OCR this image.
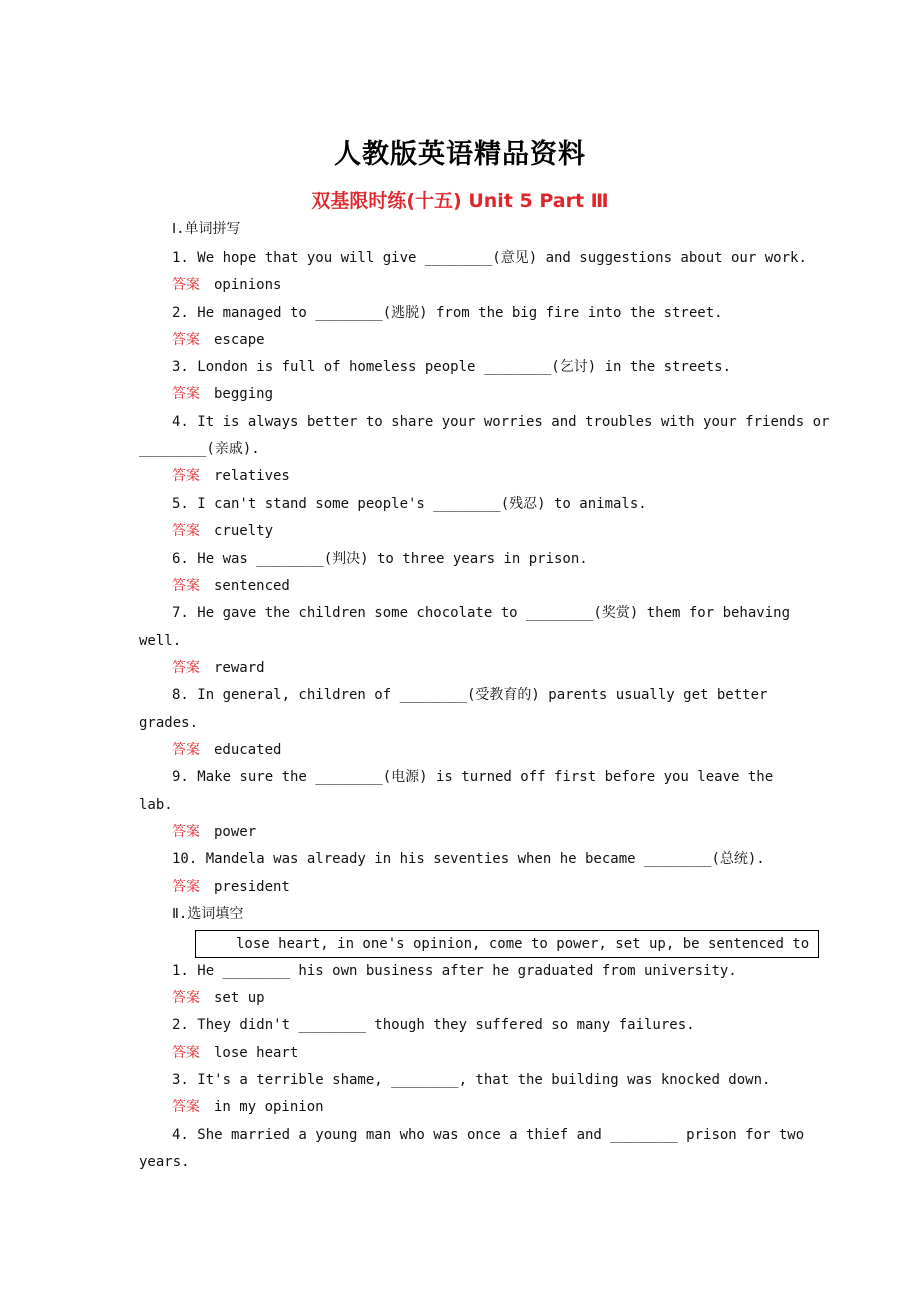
人教版英语精品资料
双基限时练(十五) Unit 5 Part Ⅲ
Ⅰ.单词拼写
1. We hope that you will give ________(意见) and suggestions about our work.
答案 opinions
2. He managed to ________(逃脱) from the big fire into the street.
答案 escape
3. London is full of homeless people ________(乞讨) in the streets.
答案 begging
4. It is always better to share your worries and troubles with your friends or
________(亲戚).
答案 relatives
5. I can't stand some people's ________(残忍) to animals.
答案 cruelty
6. He was ________(判决) to three years in prison.
答案 sentenced
7. He gave the children some chocolate to ________(奖赏) them for behaving
well.
答案 reward
8. In general, children of ________(受教育的) parents usually get better
grades.
答案 educated
9. Make sure the ________(电源) is turned off first before you leave the
lab.
答案 power
10. Mandela was already in his seventies when he became ________(总统).
答案 president
Ⅱ.选词填空
lose heart, in one's opinion, come to power, set up, be sentenced to
1. He ________ his own business after he graduated from university.
答案 set up
2. They didn't ________ though they suffered so many failures.
答案 lose heart
3. It's a terrible shame, ________, that the building was knocked down.
答案 in my opinion
4. She married a young man who was once a thief and ________ prison for two
years.
